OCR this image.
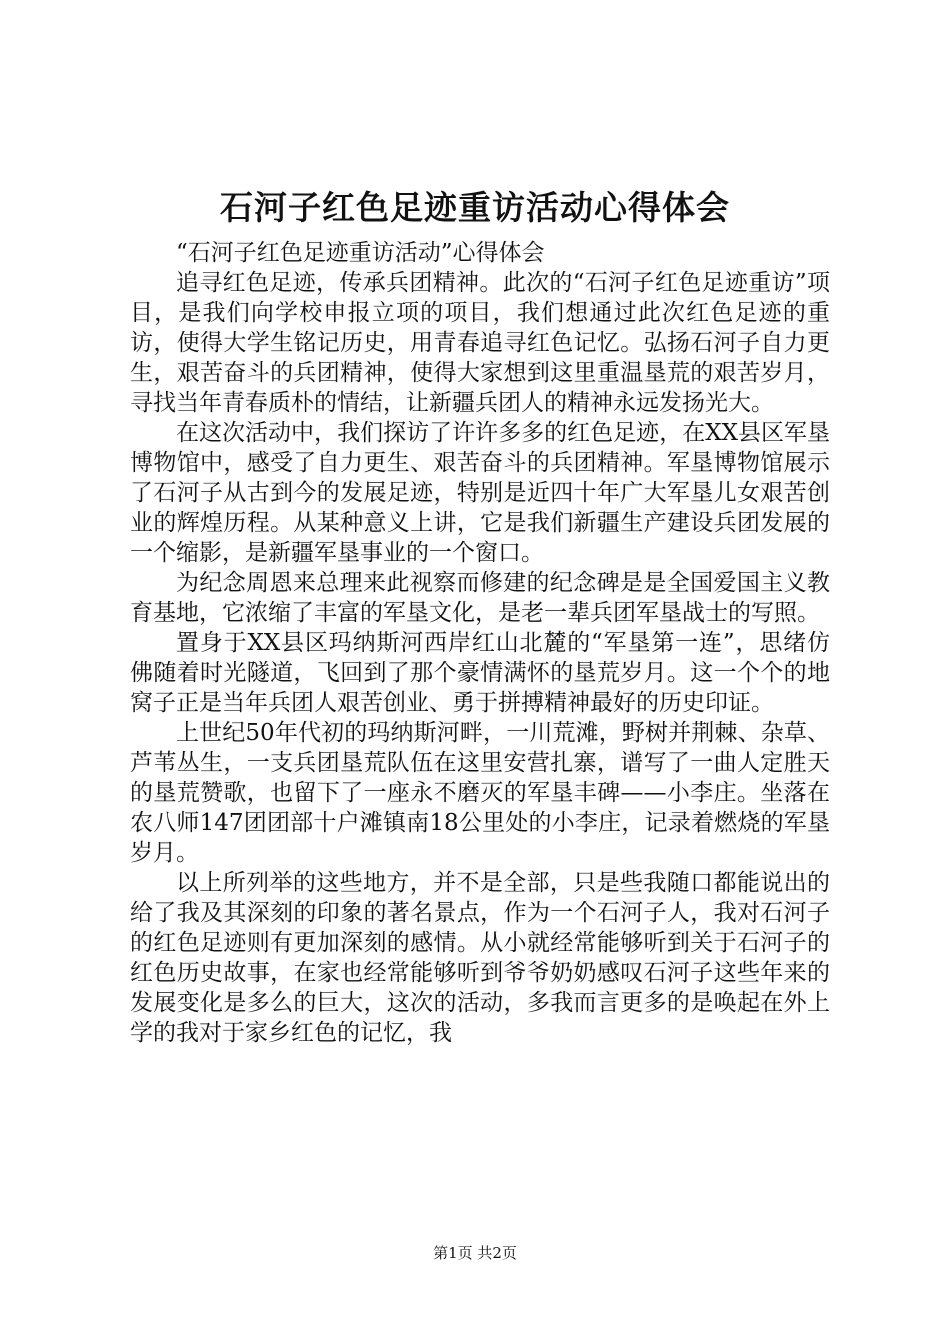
石河子红色足迹重访活动心得体会

“石河子红色足迹重访活动”心得体会

追寻红色足迹，传承兵团精神。此次的“石河子红色足迹重访”项目，是我们向学校申报立项的项目，我们想通过此次红色足迹的重访，使得大学生铭记历史，用青春追寻红色记忆。弘扬石河子自力更生，艰苦奋斗的兵团精神，使得大家想到这里重温垦荒的艰苦岁月，寻找当年青春质朴的情结，让新疆兵团人的精神永远发扬光大。

在这次活动中，我们探访了许许多多的红色足迹，在XX县区军垦博物馆中，感受了自力更生、艰苦奋斗的兵团精神。军垦博物馆展示了石河子从古到今的发展足迹，特别是近四十年广大军垦儿女艰苦创业的辉煌历程。从某种意义上讲，它是我们新疆生产建设兵团发展的一个缩影，是新疆军垦事业的一个窗口。

为纪念周恩来总理来此视察而修建的纪念碑是是全国爱国主义教育基地，它浓缩了丰富的军垦文化，是老一辈兵团军垦战士的写照。

置身于XX县区玛纳斯河西岸红山北麓的“军垦第一连”，思绪仿佛随着时光隧道，飞回到了那个豪情满怀的垦荒岁月。这一个个的地窝子正是当年兵团人艰苦创业、勇于拼搏精神最好的历史印证。

上世纪50年代初的玛纳斯河畔，一川荒滩，野树并荆棘、杂草、芦苇丛生，一支兵团垦荒队伍在这里安营扎寨，谱写了一曲人定胜天的垦荒赞歌，也留下了一座永不磨灭的军垦丰碑——小李庄。坐落在农八师147团团部十户滩镇南18公里处的小李庄，记录着燃烧的军垦岁月。

以上所列举的这些地方，并不是全部，只是些我随口都能说出的给了我及其深刻的印象的著名景点，作为一个石河子人，我对石河子的红色足迹则有更加深刻的感情。从小就经常能够听到关于石河子的红色历史故事，在家也经常能够听到爷爷奶奶感叹石河子这些年来的发展变化是多么的巨大，这次的活动，多我而言更多的是唤起在外上学的我对于家乡红色的记忆，我

第1页 共2页
